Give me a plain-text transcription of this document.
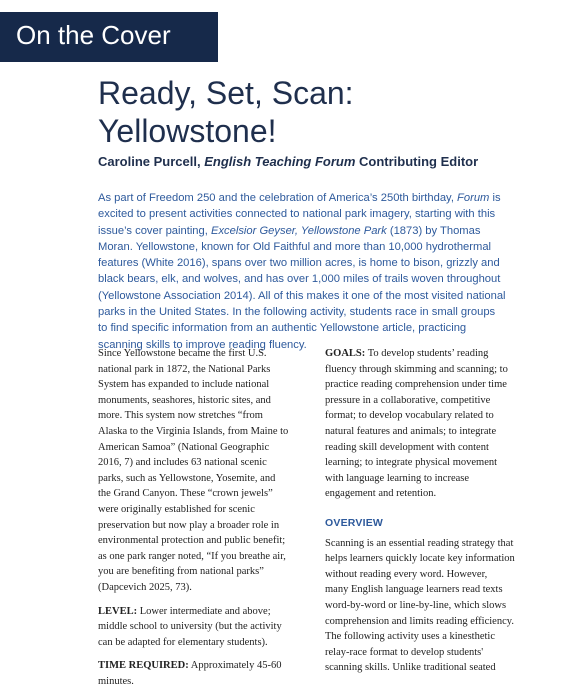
On the Cover
Ready, Set, Scan:
Yellowstone!
Caroline Purcell, English Teaching Forum Contributing Editor
As part of Freedom 250 and the celebration of America’s 250th birthday, Forum is
excited to present activities connected to national park imagery, starting with this
issue’s cover painting, Excelsior Geyser, Yellowstone Park (1873) by Thomas
Moran. Yellowstone, known for Old Faithful and more than 10,000 hydrothermal
features (White 2016), spans over two million acres, is home to bison, grizzly and
black bears, elk, and wolves, and has over 1,000 miles of trails woven throughout
(Yellowstone Association 2014). All of this makes it one of the most visited national
parks in the United States. In the following activity, students race in small groups
to find specific information from an authentic Yellowstone article, practicing
scanning skills to improve reading fluency.
Since Yellowstone became the first U.S.
national park in 1872, the National Parks
System has expanded to include national
monuments, seashores, historic sites, and
more. This system now stretches “from
Alaska to the Virginia Islands, from Maine to
American Samoa” (National Geographic
2016, 7) and includes 63 national scenic
parks, such as Yellowstone, Yosemite, and
the Grand Canyon. These “crown jewels”
were originally established for scenic
preservation but now play a broader role in
environmental protection and public benefit;
as one park ranger noted, “If you breathe air,
you are benefiting from national parks”
(Dapcevich 2025, 73).
LEVEL: Lower intermediate and above;
middle school to university (but the activity
can be adapted for elementary students).
TIME REQUIRED: Approximately 45-60
minutes.
GOALS: To develop students’ reading
fluency through skimming and scanning; to
practice reading comprehension under time
pressure in a collaborative, competitive
format; to develop vocabulary related to
natural features and animals; to integrate
reading skill development with content
learning; to integrate physical movement
with language learning to increase
engagement and retention.
OVERVIEW
Scanning is an essential reading strategy that
helps learners quickly locate key information
without reading every word. However,
many English language learners read texts
word-by-word or line-by-line, which slows
comprehension and limits reading efficiency.
The following activity uses a kinesthetic
relay-race format to develop students'
scanning skills. Unlike traditional seated
